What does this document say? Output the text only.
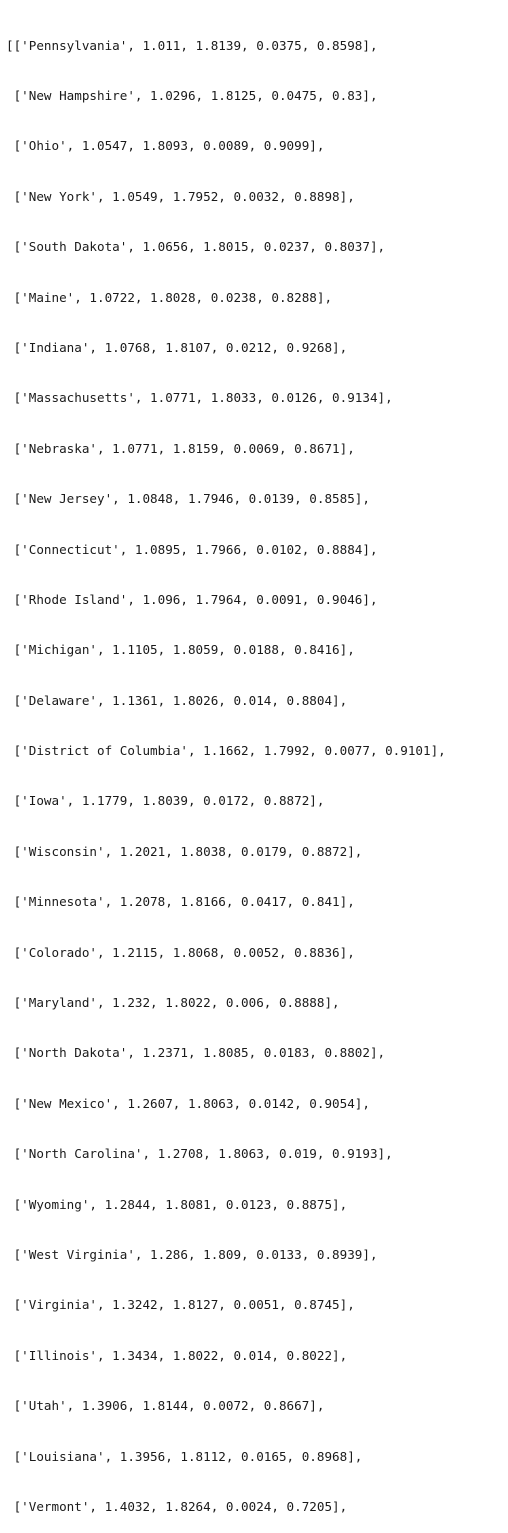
[['Pennsylvania', 1.011, 1.8139, 0.0375, 0.8598],

['New Hampshire', 1.0296, 1.8125, 0.0475, 0.83],

['Ohio', 1.0547, 1.8093, 0.0089, 0.9099],

['New York', 1.0549, 1.7952, 0.0032, 0.8898],

['South Dakota', 1.0656, 1.8015, 0.0237, 0.8037],

['Maine', 1.0722, 1.8028, 0.0238, 0.8288],

['Indiana', 1.0768, 1.8107, 0.0212, 0.9268],

['Massachusetts', 1.0771, 1.8033, 0.0126, 0.9134],

['Nebraska', 1.0771, 1.8159, 0.0069, 0.8671],

['New Jersey', 1.0848, 1.7946, 0.0139, 0.8585],

['Connecticut', 1.0895, 1.7966, 0.0102, 0.8884],

['Rhode Island', 1.096, 1.7964, 0.0091, 0.9046],

['Michigan', 1.1105, 1.8059, 0.0188, 0.8416],

['Delaware', 1.1361, 1.8026, 0.014, 0.8804],

['District of Columbia', 1.1662, 1.7992, 0.0077, 0.9101],

['Iowa', 1.1779, 1.8039, 0.0172, 0.8872],

['Wisconsin', 1.2021, 1.8038, 0.0179, 0.8872],

['Minnesota', 1.2078, 1.8166, 0.0417, 0.841],

['Colorado', 1.2115, 1.8068, 0.0052, 0.8836],

['Maryland', 1.232, 1.8022, 0.006, 0.8888],

['North Dakota', 1.2371, 1.8085, 0.0183, 0.8802],

['New Mexico', 1.2607, 1.8063, 0.0142, 0.9054],

['North Carolina', 1.2708, 1.8063, 0.019, 0.9193],

['Wyoming', 1.2844, 1.8081, 0.0123, 0.8875],

['West Virginia', 1.286, 1.809, 0.0133, 0.8939],

['Virginia', 1.3242, 1.8127, 0.0051, 0.8745],

['Illinois', 1.3434, 1.8022, 0.014, 0.8022],

['Utah', 1.3906, 1.8144, 0.0072, 0.8667],

['Louisiana', 1.3956, 1.8112, 0.0165, 0.8968],

['Vermont', 1.4032, 1.8264, 0.0024, 0.7205],
